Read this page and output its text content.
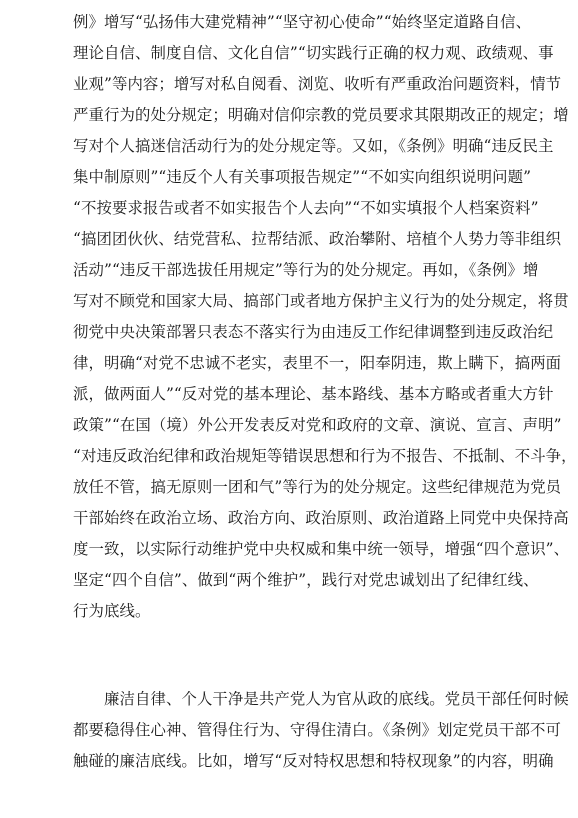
例》增写“弘扬伟大建党精神”“坚守初心使命”“始终坚定道路自信、
理论自信、制度自信、文化自信”“切实践行正确的权力观、政绩观、事
业观”等内容；增写对私自阅看、浏览、收听有严重政治问题资料，情节
严重行为的处分规定；明确对信仰宗教的党员要求其限期改正的规定；增
写对个人搞迷信活动行为的处分规定等。又如，《条例》明确“违反民主
集中制原则”“违反个人有关事项报告规定”“不如实向组织说明问题”
“不按要求报告或者不如实报告个人去向”“不如实填报个人档案资料”
“搞团团伙伙、结党营私、拉帮结派、政治攀附、培植个人势力等非组织
活动”“违反干部选拔任用规定”等行为的处分规定。再如，《条例》增
写对不顾党和国家大局、搞部门或者地方保护主义行为的处分规定，将贯
彻党中央决策部署只表态不落实行为由违反工作纪律调整到违反政治纪
律，明确“对党不忠诚不老实，表里不一，阳奉阴违，欺上瞒下，搞两面
派，做两面人”“反对党的基本理论、基本路线、基本方略或者重大方针
政策”“在国（境）外公开发表反对党和政府的文章、演说、宣言、声明”
“对违反政治纪律和政治规矩等错误思想和行为不报告、不抵制、不斗争，
放任不管，搞无原则一团和气”等行为的处分规定。这些纪律规范为党员
干部始终在政治立场、政治方向、政治原则、政治道路上同党中央保持高
度一致，以实际行动维护党中央权威和集中统一领导，增强“四个意识”、
坚定“四个自信”、做到“两个维护”，践行对党忠诚划出了纪律红线、
行为底线。
廉洁自律、个人干净是共产党人为官从政的底线。党员干部任何时候
都要稳得住心神、管得住行为、守得住清白。《条例》划定党员干部不可
触碰的廉洁底线。比如，增写“反对特权思想和特权现象”的内容，明确
